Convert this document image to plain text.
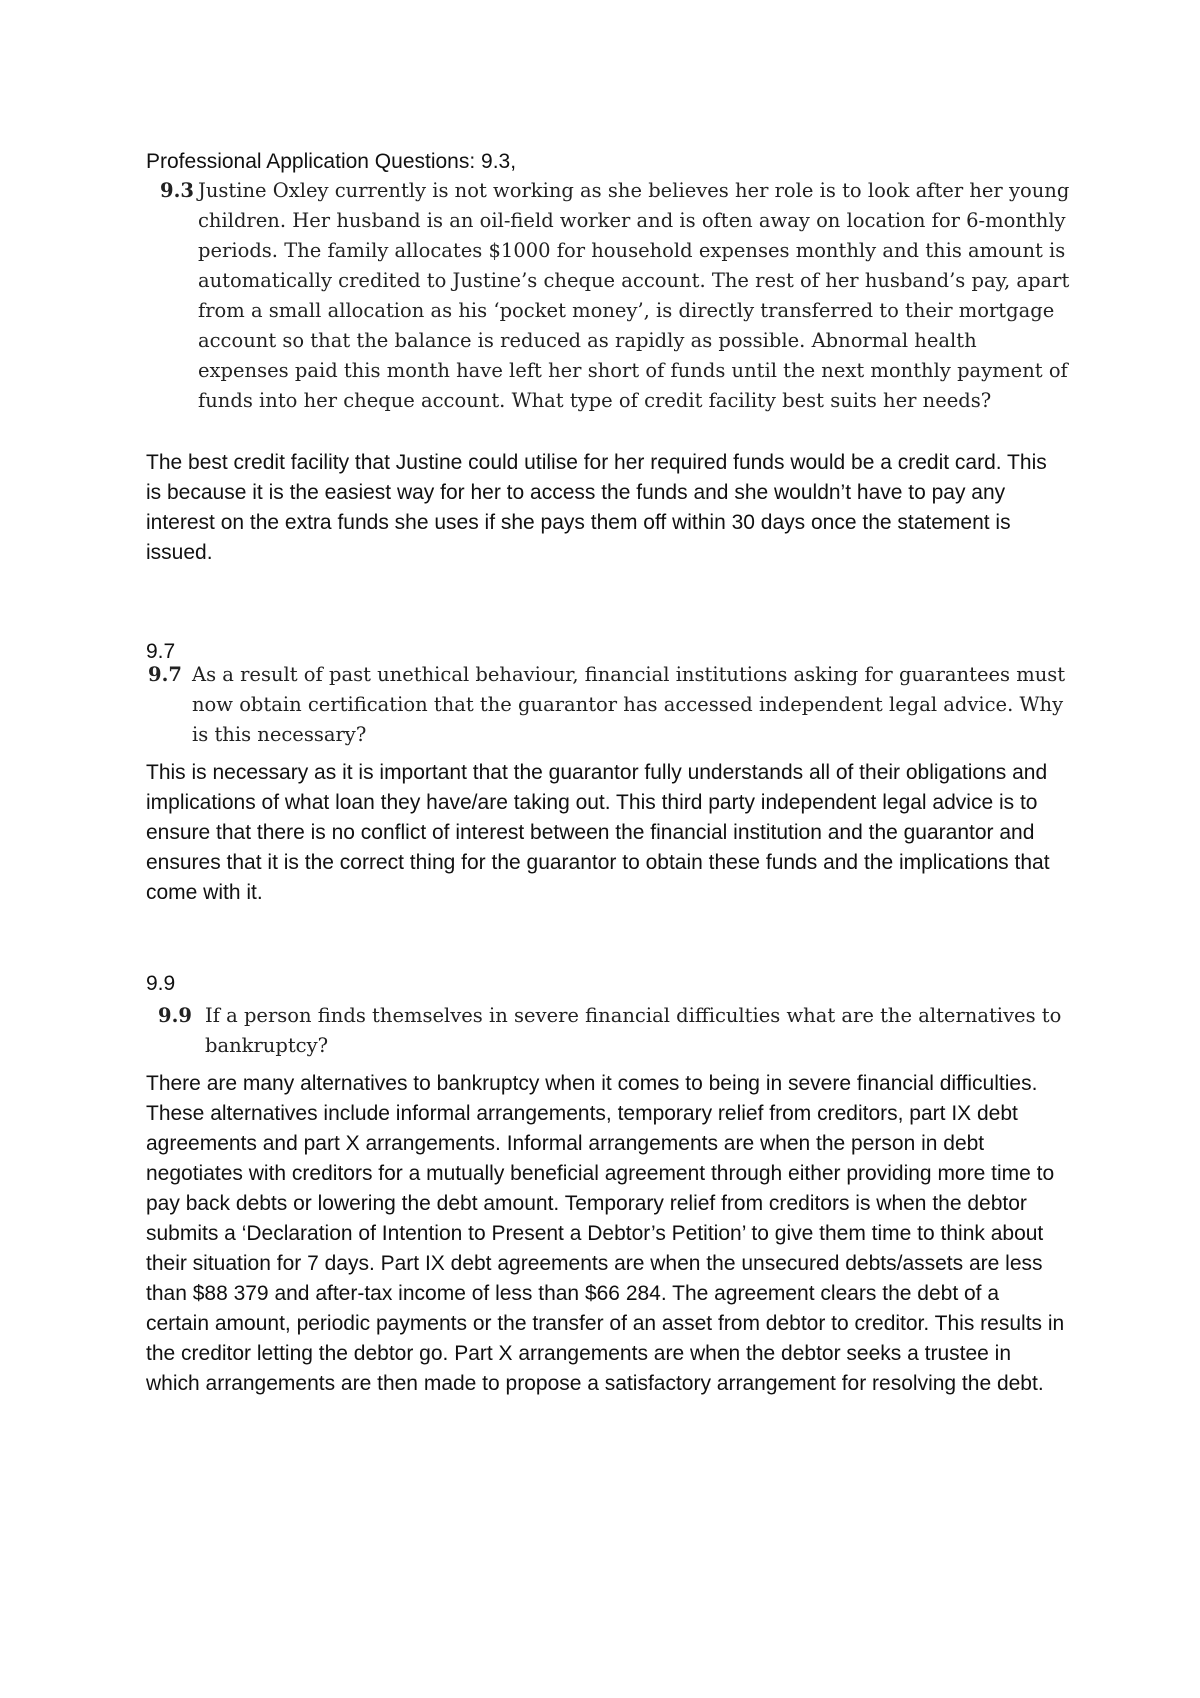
Professional Application Questions: 9.3,
9.3 Justine Oxley currently is not working as she believes her role is to look after her young children. Her husband is an oil-field worker and is often away on location for 6-monthly periods. The family allocates $1000 for household expenses monthly and this amount is automatically credited to Justine’s cheque account. The rest of her husband’s pay, apart from a small allocation as his ‘pocket money’, is directly transferred to their mortgage account so that the balance is reduced as rapidly as possible. Abnormal health expenses paid this month have left her short of funds until the next monthly payment of funds into her cheque account. What type of credit facility best suits her needs?

The best credit facility that Justine could utilise for her required funds would be a credit card. This is because it is the easiest way for her to access the funds and she wouldn’t have to pay any interest on the extra funds she uses if she pays them off within 30 days once the statement is issued.

9.7

9.7 As a result of past unethical behaviour, financial institutions asking for guarantees must now obtain certification that the guarantor has accessed independent legal advice. Why is this necessary?

This is necessary as it is important that the guarantor fully understands all of their obligations and implications of what loan they have/are taking out. This third party independent legal advice is to ensure that there is no conflict of interest between the financial institution and the guarantor and ensures that it is the correct thing for the guarantor to obtain these funds and the implications that come with it.

9.9

9.9 If a person finds themselves in severe financial difficulties what are the alternatives to bankruptcy?

There are many alternatives to bankruptcy when it comes to being in severe financial difficulties. These alternatives include informal arrangements, temporary relief from creditors, part IX debt agreements and part X arrangements. Informal arrangements are when the person in debt negotiates with creditors for a mutually beneficial agreement through either providing more time to pay back debts or lowering the debt amount. Temporary relief from creditors is when the debtor submits a ‘Declaration of Intention to Present a Debtor’s Petition’ to give them time to think about their situation for 7 days. Part IX debt agreements are when the unsecured debts/assets are less than $88 379 and after-tax income of less than $66 284. The agreement clears the debt of a certain amount, periodic payments or the transfer of an asset from debtor to creditor. This results in the creditor letting the debtor go. Part X arrangements are when the debtor seeks a trustee in which arrangements are then made to propose a satisfactory arrangement for resolving the debt.
